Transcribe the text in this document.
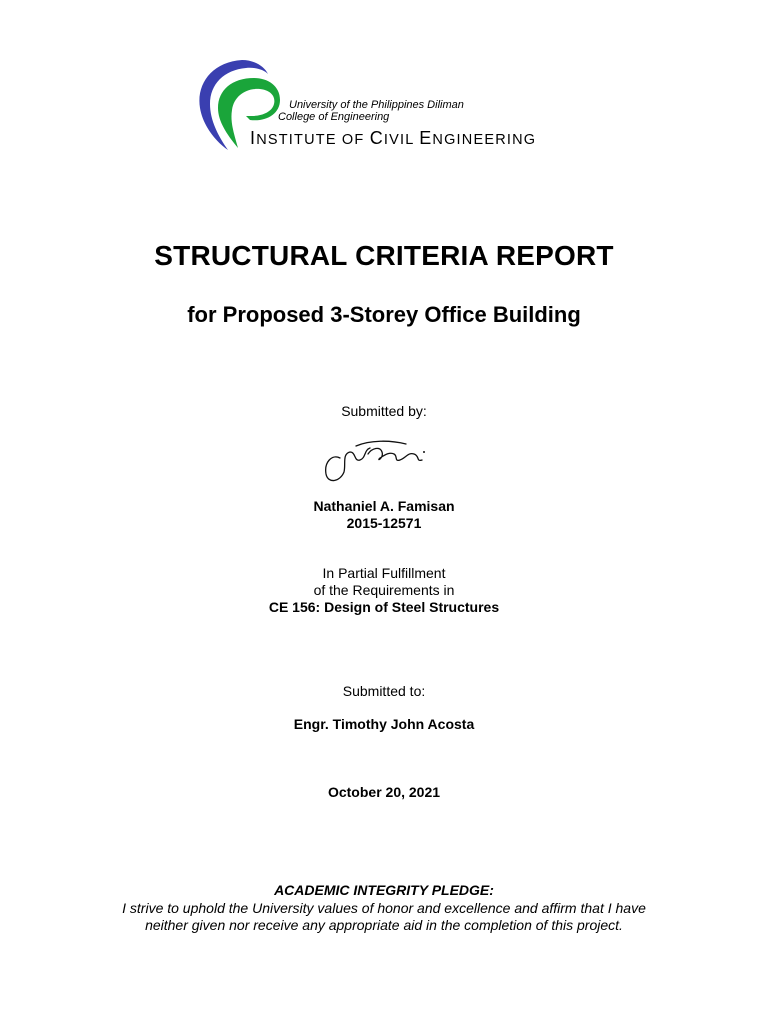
University of the Philippines Diliman
College of Engineering
INSTITUTE OF CIVIL ENGINEERING
STRUCTURAL CRITERIA REPORT
for Proposed 3-Storey Office Building
Submitted by:
Nathaniel A. Famisan
2015-12571
In Partial Fulfillment
of the Requirements in
CE 156: Design of Steel Structures
Submitted to:
Engr. Timothy John Acosta
October 20, 2021
ACADEMIC INTEGRITY PLEDGE:
I strive to uphold the University values of honor and excellence and affirm that I have
neither given nor receive any appropriate aid in the completion of this project.
